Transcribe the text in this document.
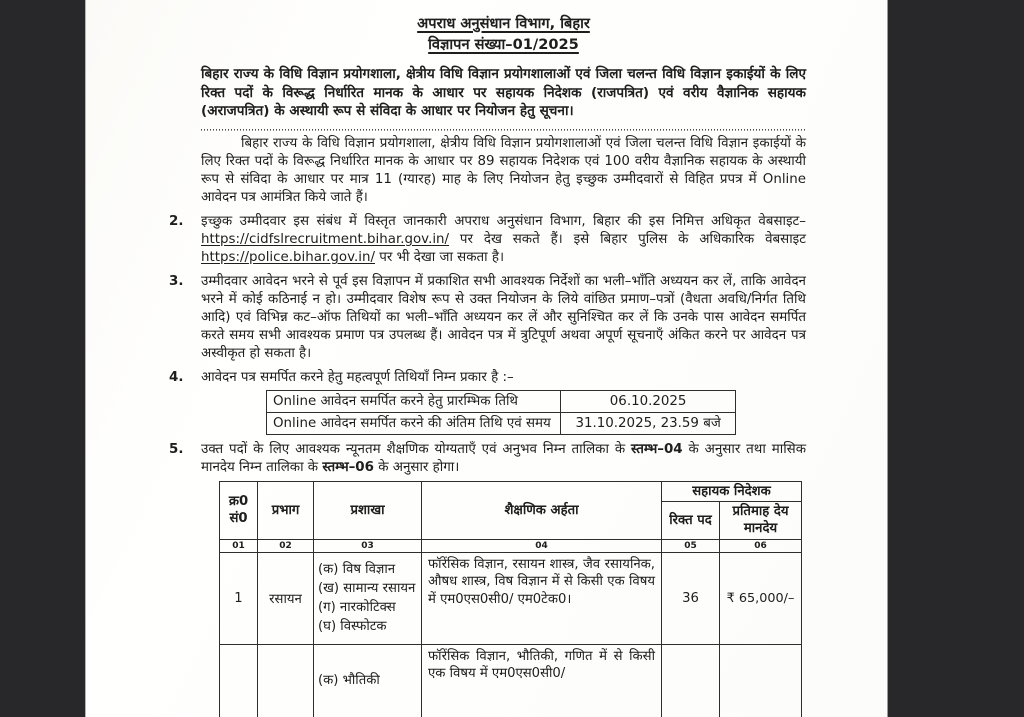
अपराध अनुसंधान विभाग, बिहार
विज्ञापन संख्या–01/2025

बिहार राज्य के विधि विज्ञान प्रयोगशाला, क्षेत्रीय विधि विज्ञान प्रयोगशालाओं एवं जिला चलन्त विधि विज्ञान इकाईयों के लिए रिक्त पदों के विरूद्ध निर्धारित मानक के आधार पर सहायक निदेशक (राजपत्रित) एवं वरीय वैज्ञानिक सहायक (अराजपत्रित) के अस्थायी रूप से संविदा के आधार पर नियोजन हेतु सूचना।

बिहार राज्य के विधि विज्ञान प्रयोगशाला, क्षेत्रीय विधि विज्ञान प्रयोगशालाओं एवं जिला चलन्त विधि विज्ञान इकाईयों के लिए रिक्त पदों के विरूद्ध निर्धारित मानक के आधार पर 89 सहायक निदेशक एवं 100 वरीय वैज्ञानिक सहायक के अस्थायी रूप से संविदा के आधार पर मात्र 11 (ग्यारह) माह के लिए नियोजन हेतु इच्छुक उम्मीदवारों से विहित प्रपत्र में Online आवेदन पत्र आमंत्रित किये जाते हैं।

2.	इच्छुक उम्मीदवार इस संबंध में विस्तृत जानकारी अपराध अनुसंधान विभाग, बिहार की इस निमित्त अधिकृत वेबसाइट– https://cidfslrecruitment.bihar.gov.in/ पर देख सकते हैं। इसे बिहार पुलिस के अधिकारिक वेबसाइट https://police.bihar.gov.in/ पर भी देखा जा सकता है।
3.	उम्मीदवार आवेदन भरने से पूर्व इस विज्ञापन में प्रकाशित सभी आवश्यक निर्देशों का भली–भाँति अध्ययन कर लें, ताकि आवेदन भरने में कोई कठिनाई न हो। उम्मीदवार विशेष रूप से उक्त नियोजन के लिये वांछित प्रमाण–पत्रों (वैधता अवधि/निर्गत तिथि आदि) एवं विभिन्न कट–ऑफ तिथियों का भली–भाँति अध्ययन कर लें और सुनिश्चित कर लें कि उनके पास आवेदन समर्पित करते समय सभी आवश्यक प्रमाण पत्र उपलब्ध हैं। आवेदन पत्र में त्रुटिपूर्ण अथवा अपूर्ण सूचनाएँ अंकित करने पर आवेदन पत्र अस्वीकृत हो सकता है।
4.	आवेदन पत्र समर्पित करने हेतु महत्वपूर्ण तिथियाँ निम्न प्रकार है :–
Online आवेदन समर्पित करने हेतु प्रारम्भिक तिथि	06.10.2025
Online आवेदन समर्पित करने की अंतिम तिथि एवं समय	31.10.2025, 23.59 बजे
5.	उक्त पदों के लिए आवश्यक न्यूनतम शैक्षणिक योग्यताएँ एवं अनुभव निम्न तालिका के स्तम्भ–04 के अनुसार तथा मासिक मानदेय निम्न तालिका के स्तम्भ–06 के अनुसार होगा।
क्र0 सं0	प्रभाग	प्रशाखा	शैक्षणिक अर्हता	सहायक निदेशक	
				रिक्त पद	प्रतिमाह देय मानदेय
01	02	03	04	05	06
1	रसायन	(क) विष विज्ञान
(ख) सामान्य रसायन
(ग) नारकोटिक्स
(घ) विस्फोटक	फॉरेंसिक विज्ञान, रसायन शास्त्र, जैव रसायनिक, औषध शास्त्र, विष विज्ञान में से किसी एक विषय में एम0एस0सी0/ एम0टेक0।	36	₹ 65,000/–

		(क) भौतिकी	फॉरेंसिक विज्ञान, भौतिकी, गणित में से किसी एक विषय में एम0एस0सी0/		
